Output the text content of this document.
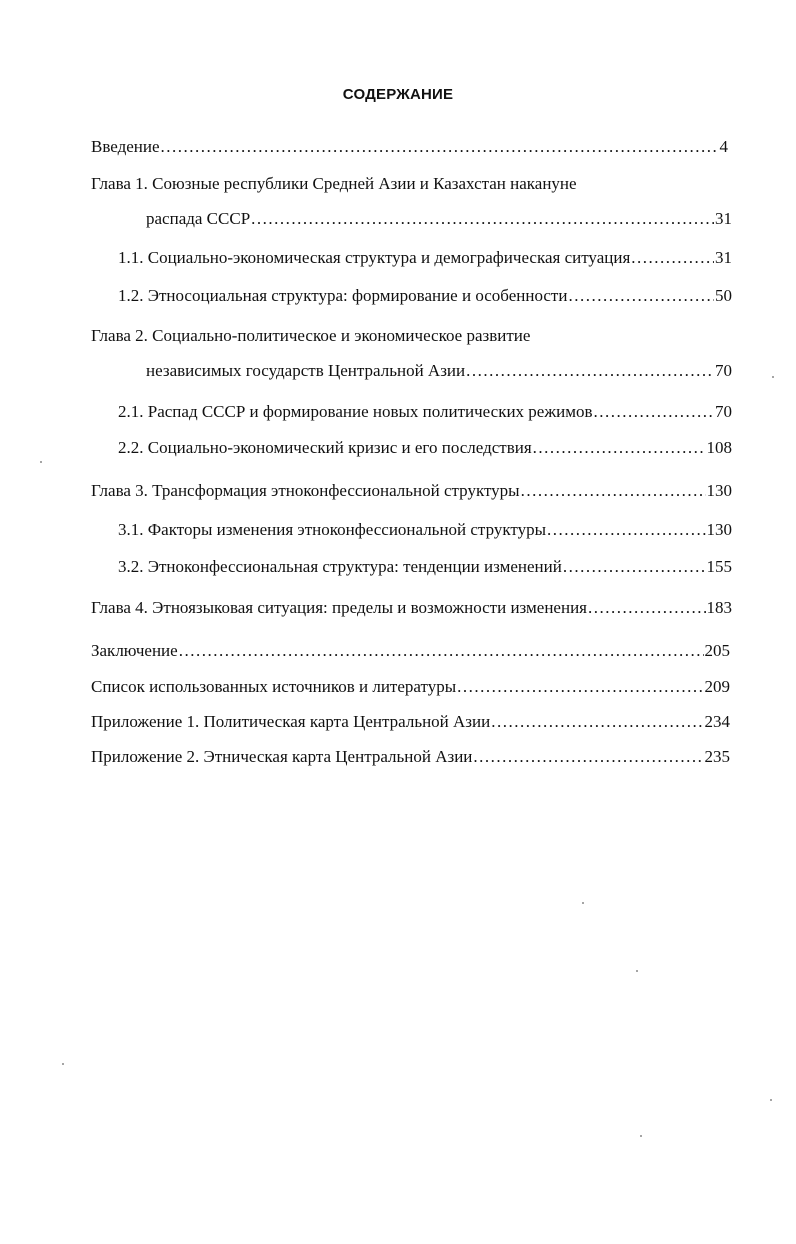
СОДЕРЖАНИЕ
Введение .....	4
Глава 1. Союзные республики Средней Азии и Казахстан накануне
распада СССР .....	31
1.1. Социально-экономическая структура и демографическая ситуация .....	31
1.2. Этносоциальная структура: формирование и особенности .....	50
Глава 2. Социально-политическое и экономическое развитие
независимых государств Центральной Азии .....	70
2.1. Распад СССР и формирование новых политических режимов .....	70
2.2. Социально-экономический кризис и его последствия .....	108
Глава 3. Трансформация этноконфессиональной структуры .....	130
3.1. Факторы изменения этноконфессиональной структуры .....	130
3.2. Этноконфессиональная структура: тенденции изменений .....	155
Глава 4. Этноязыковая ситуация: пределы и возможности изменения .....	183
Заключение .....	205
Список использованных источников и литературы .....	209
Приложение 1. Политическая карта Центральной Азии .....	234
Приложение 2. Этническая карта Центральной Азии .....	235
